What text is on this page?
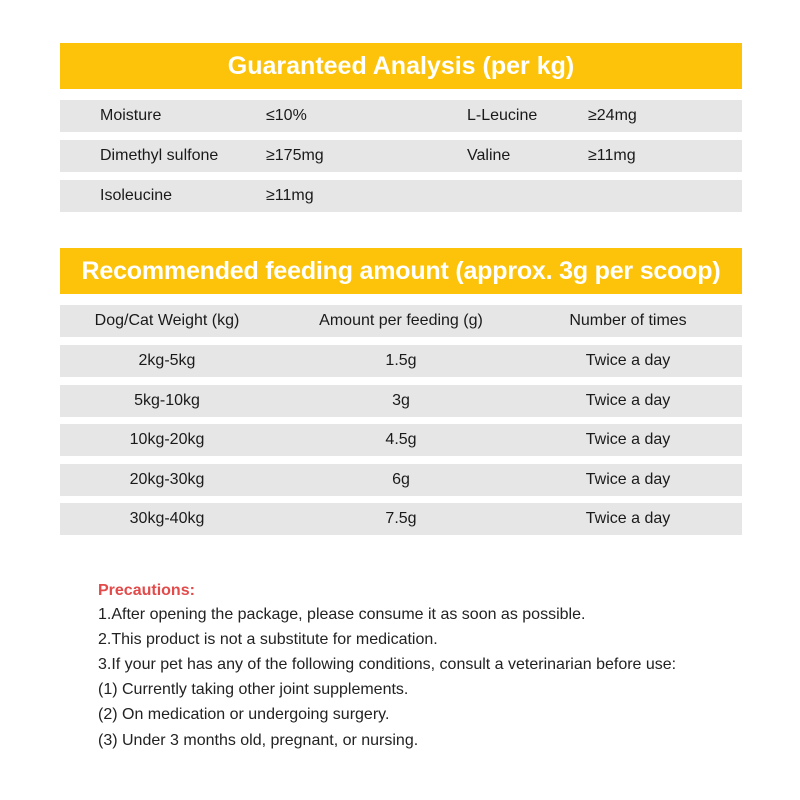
Guaranteed Analysis (per kg)
Moisture	≤10%	L-Leucine	≥24mg
Dimethyl sulfone	≥175mg	Valine	≥11mg
Isoleucine	≥11mg
Recommended feeding amount (approx. 3g per scoop)
Dog/Cat Weight (kg)	Amount per feeding (g)	Number of times
2kg-5kg	1.5g	Twice a day
5kg-10kg	3g	Twice a day
10kg-20kg	4.5g	Twice a day
20kg-30kg	6g	Twice a day
30kg-40kg	7.5g	Twice a day
Precautions:
1.After opening the package, please consume it as soon as possible.
2.This product is not a substitute for medication.
3.If your pet has any of the following conditions, consult a veterinarian before use:
(1) Currently taking other joint supplements.
(2) On medication or undergoing surgery.
(3) Under 3 months old, pregnant, or nursing.
